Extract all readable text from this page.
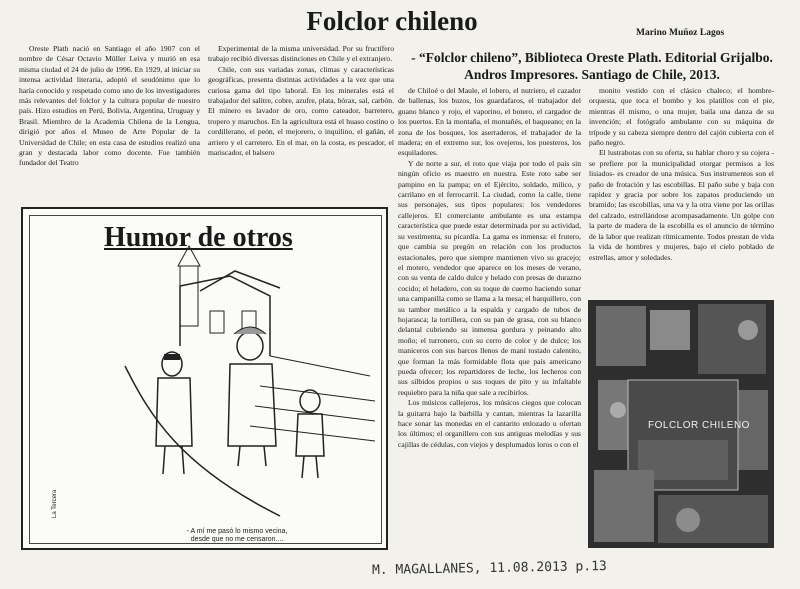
Folclor chileno	Marino Muñoz Lagos
- “Folclor chileno”, Biblioteca Oreste Plath. Editorial Grijalbo. Andros Impresores. Santiago de Chile, 2013.

Oreste Plath nació en Santiago el año 1907 con el nombre de César Octavio Müller Leiva y murió en esa misma ciudad el 24 de julio de 1996. En 1929, al iniciar su intensa actividad literaria, adoptó el seudónimo que lo haría conocido y respetado como uno de los investigadores más relevantes del folclor y la cultura popular de nuestro país. Hizo estudios en Perú, Bolivia, Argentina, Uruguay y Brasil. Miembro de la Academia Chilena de la Lengua, dirigió por años el Museo de Arte Popular de la Universidad de Chile; en esta casa de estudios realizó una gran y destacada labor como docente. Fue también fundador del Teatro

Experimental de la misma universidad. Por su fructífero trabajo recibió diversas distinciones en Chile y el extranjero.

Chile, con sus variadas zonas, climas y características geográficas, presenta distintas actividades a la vez que una curiosa gama del tipo laboral. En los minerales está el trabajador del salitre, cobre, azufre, plata, bórax, sal, carbón. El minero es lavador de oro, como cateador, barretero, tropero y maruchos. En la agricultura está el huaso costino o cordillerano, el peón, el mejorero, o inquilino, el gañán, el arriero y el carretero. En el mar, en la costa, es pescador, el mariscador, el balsero

de Chiloé o del Maule, el lobero, el nutriero, el cazador de ballenas, los buzos, los guardafaros, el trabajador del guano blanco y rojo, el vaporino, el botero, el cargador de los puertos. En la montaña, el montañés, el baqueano; en la zona de los bosques, los aserraderos, el trabajador de la madera; en el extremo sur, los ovejeros, los puesteros, los esquiladores.

Y de norte a sur, el roto que viaja por todo el país sin ningún oficio es maestro en nuestra. Este roto sabe ser pampino en la pampa; en el Ejército, soldado, milico, y carrilano en el ferrocarril. La ciudad, como la calle, tiene sus personajes, sus tipos populares: los vendedores callejeros. El comerciante ambulante es una estampa característica que puede estar determinada por su actividad, su vestimenta, su picardía. La gama es inmensa: el frutero, que cambia su pregón en relación con los productos estacionales, pero que siempre mantienen vivo su gracejo; el motero, vendedor que aparece en los meses de verano, con su venta de caldo dulce y helado con presas de durazno cocido; el heladero, con su toque de cuerno haciendo sonar una campanilla como se llama a la mesa; el barquillero, con su tambor metálico a la espalda y cargado de tubos de hojarasca; la tortillera, con su pan de grasa, con su blanco delantal cubriendo su inmensa gordura y peinando alto moño; el turronero, con su cerro de color y de dulce; los maniceros con sus barcos llenos de maní tostado calentito, que forman la más formidable flota que país americano pueda ofrecer; los repartidores de leche, los lecheros con sus silbidos propios o sus toques de pito y su infaltable requiebro para la niña que sale a recibirlos.

Los músicos callejeros, los músicos ciegos que colocan la guitarra bajo la barbilla y cantan, mientras la lazarilla hace sonar las monedas en el cantarito enlozado u ofertan los últimos; el organillero con sus antiguas melodías y sus cajillas de cédulas, con viejos y desplumados loros o con el

monito vestido con el clásico chaleco; el hombre-orquesta, que toca el bombo y los platillos con el pie, mientras él mismo, o una mujer, baila una danza de su invención; el fotógrafo ambulante con su máquina de trípode y su cabeza siempre dentro del cajón cubierta con el paño negro.

El lustrabotas con su oferta, su hablar choro y su cojera -se prefiere por la municipalidad otorgar permisos a los lisiados- es creador de una música. Sus instrumentos son el paño de frotación y las escobillas. El paño sube y baja con rapidez y gracia por sobre los zapatos produciendo un bramido; las escobillas, una va y la otra viene por las orillas del calzado, estrellándose acompasadamente. Un golpe con la parte de madera de la escobilla es el anuncio de término de la labor que realizan rítmicamente. Todos prestan de vida la vida de hombres y mujeres, bajo el cielo poblado de estrellas, amor y soledades.

Humor de otros
La Tercera
- A mí me pasó lo mismo vecina,
desde que no me censaron....
FOLCLOR CHILENO
M. MAGALLANES, 11.08.2013 p.13
